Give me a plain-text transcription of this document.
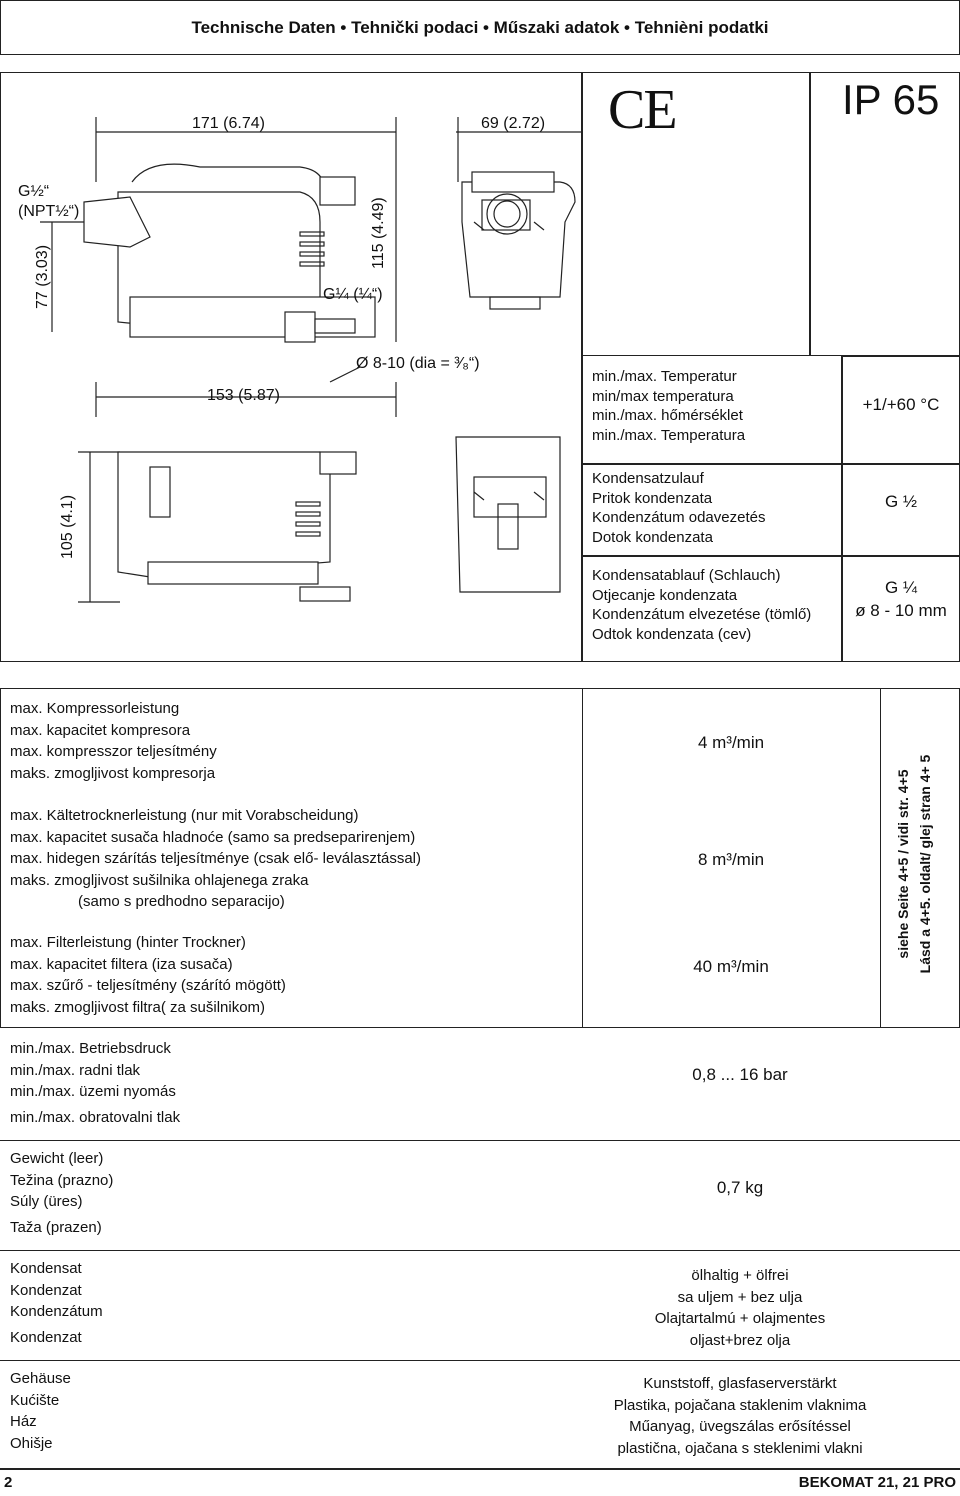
Technische Daten • Tehnički podaci • Műszaki adatok • Tehnièni podatki
171 (6.74)	69 (2.72)
G½“
(NPT½“)
77 (3.03)
115 (4.49)
G¼ (¼“)
153 (5.87)
Ø 8-10 (dia = ³⁄₈“)
105 (4.1)
CE	IP 65
min./max. Temperatur
min/max temperatura
min./max. hőmérséklet
min./max. Temperatura
+1/+60 °C
Kondensatzulauf
Pritok kondenzata
Kondenzátum odavezetés
Dotok kondenzata
G ½
Kondensatablauf (Schlauch)
Otjecanje kondenzata
Kondenzátum elvezetése (tömlő)
Odtok kondenzata (cev)
G ¼
ø 8 - 10 mm
max. Kompressorleistung
max. kapacitet kompresora
max. kompresszor teljesítmény
maks. zmogljivost kompresorja
4 m³/min
max. Kältetrocknerleistung (nur mit Vorabscheidung)
max. kapacitet susača hladnoće (samo sa predseparirenjem)
max. hidegen szárítás teljesítménye (csak elő- leválasztással)
maks. zmogljivost sušilnika ohlajenega zraka
(samo s predhodno separacijo)
8 m³/min
max. Filterleistung (hinter Trockner)
max. kapacitet filtera (iza susača)
max. szűrő - teljesítmény (szárító mögött)
maks. zmogljivost filtra( za sušilnikom)
40 m³/min
siehe Seite 4+5 / vidi str. 4+5 Lásd a 4+5. oldalt/ glej stran 4+ 5
min./max. Betriebsdruck
min./max. radni tlak
min./max. üzemi nyomás
min./max. obratovalni tlak
0,8 ... 16 bar
Gewicht (leer)
Težina (prazno)
Súly (üres)
Taža (prazen)
0,7 kg
Kondensat
Kondenzat
Kondenzátum
Kondenzat
ölhaltig + ölfrei
sa uljem + bez ulja
Olajtartalmú + olajmentes
oljast+brez olja
Gehäuse
Kućište
Ház
Ohišje
Kunststoff, glasfaserverstärkt
Plastika, pojačana staklenim vlaknima
Műanyag, üvegszálas erősítéssel
plastična, ojačana s steklenimi vlakni
2	BEKOMAT 21, 21 PRO
